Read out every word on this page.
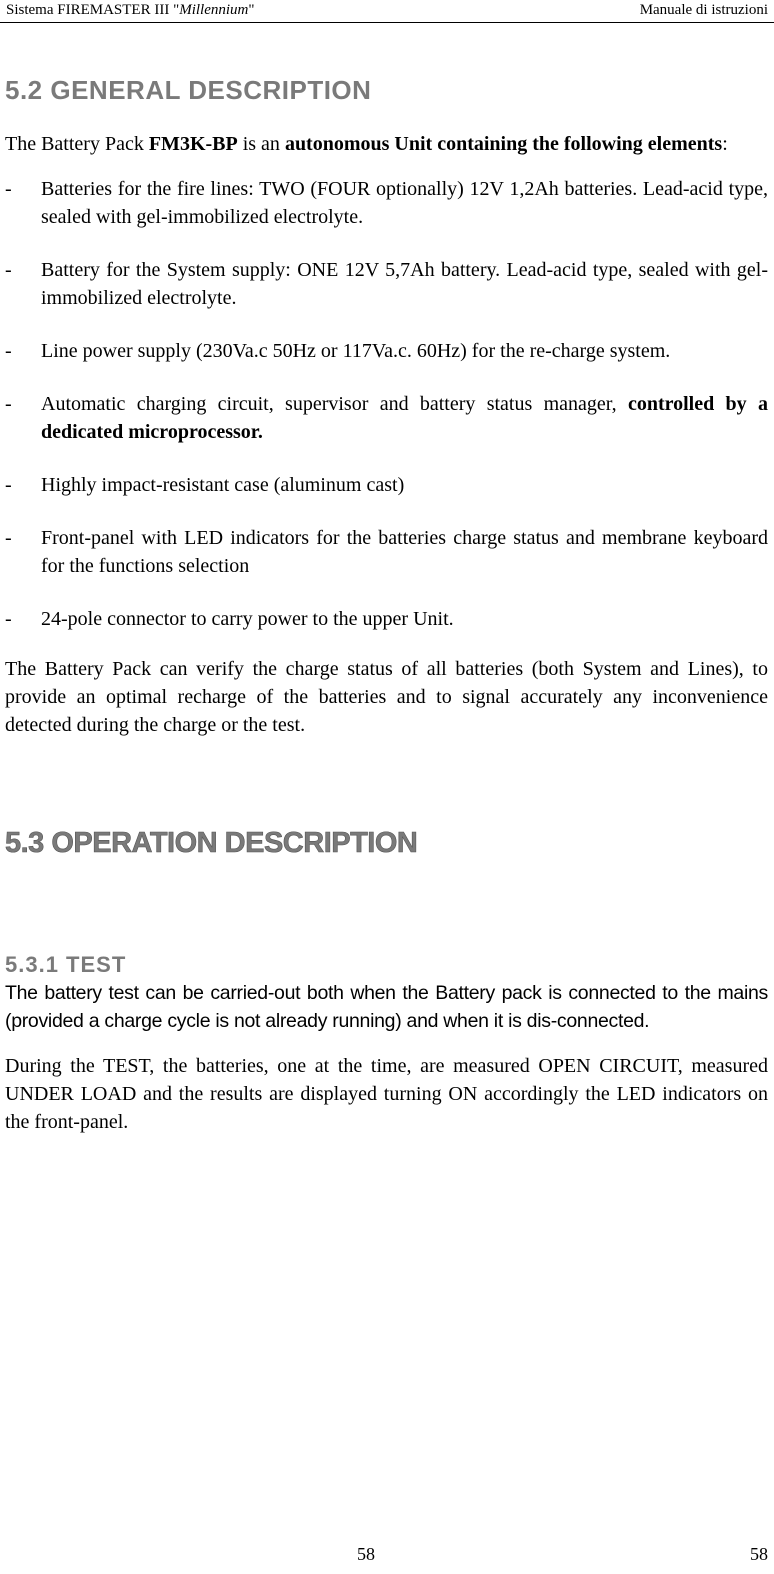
Sistema FIREMASTER III "Millennium"	Manuale di istruzioni
5.2 GENERAL DESCRIPTION

The Battery Pack FM3K-BP is an autonomous Unit containing the following elements:

- Batteries for the fire lines: TWO (FOUR optionally) 12V 1,2Ah batteries. Lead-acid type, sealed with gel-immobilized electrolyte.
- Battery for the System supply: ONE 12V 5,7Ah battery. Lead-acid type, sealed with gel-immobilized electrolyte.
- Line power supply (230Va.c 50Hz or 117Va.c. 60Hz) for the re-charge system.
- Automatic charging circuit, supervisor and battery status manager, controlled by a dedicated microprocessor.
- Highly impact-resistant case (aluminum cast)
- Front-panel with LED indicators for the batteries charge status and membrane keyboard for the functions selection
- 24-pole connector to carry power to the upper Unit.

The Battery Pack can verify the charge status of all batteries (both System and Lines), to provide an optimal recharge of the batteries and to signal accurately any inconvenience detected during the charge or the test.

5.3 OPERATION DESCRIPTION
5.3.1 TEST

The battery test can be carried-out both when the Battery pack is connected to the mains (provided a charge cycle is not already running) and when it is dis-connected.

During the TEST, the batteries, one at the time, are measured OPEN CIRCUIT, measured UNDER LOAD and the results are displayed turning ON accordingly the LED indicators on the front-panel.

58	58
